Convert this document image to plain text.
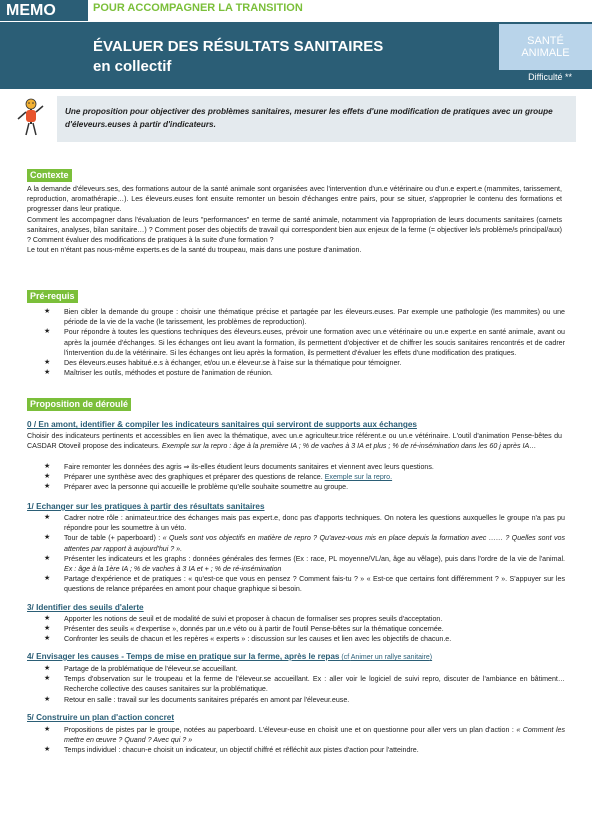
MEMO	POUR ACCOMPAGNER LA TRANSITION
ÉVALUER DES RÉSULTATS SANITAIRES
en collectif
SANTÉ
ANIMALE
Difficulté **
Une proposition pour objectiver des problèmes sanitaires, mesurer les effets d'une modification de pratiques avec un groupe d'éleveurs.euses à partir d'indicateurs.
Contexte

A la demande d'éleveurs.ses, des formations autour de la santé animale sont organisées avec l'intervention d'un.e vétérinaire ou d'un.e expert.e (mammites, tarissement, reproduction, aromathérapie…). Les éleveurs.euses font ensuite remonter un besoin d'échanges entre pairs, pour se situer, s'approprier le contenu des formations et progresser dans leur pratique.

Comment les accompagner dans l'évaluation de leurs "performances" en terme de santé animale, notamment via l'appropriation de leurs documents sanitaires (carnets sanitaires, analyses, bilan sanitaire…) ? Comment poser des objectifs de travail qui correspondent bien aux enjeux de la ferme (= objectiver le/s problème/s principal/aux) ? Comment évaluer des modifications de pratiques à la suite d'une formation ?

Le tout en n'étant pas nous-même experts.es de la santé du troupeau, mais dans une posture d'animation.

Pré-requis
★ Bien cibler la demande du groupe : choisir une thématique précise et partagée par les éleveurs.euses. Par exemple une pathologie (les mammites) ou une période de la vie de la vache (le tarissement, les problèmes de reproduction).
★ Pour répondre à toutes les questions techniques des éleveurs.euses, prévoir une formation avec un.e vétérinaire ou un.e expert.e en santé animale, avant ou après la journée d'échanges. Si les échanges ont lieu avant la formation, ils permettent d'objectiver et de chiffrer les soucis sanitaires rencontrés et de cadrer l'intervention du.de la vétérinaire. Si les échanges ont lieu après la formation, ils permettent d'évaluer les effets d'une modification des pratiques.
★ Des éleveurs.euses habitué.e.s à échanger, et/ou un.e éleveur.se à l'aise sur la thématique pour témoigner.
★ Maîtriser les outils, méthodes et posture de l'animation de réunion.
Proposition de déroulé
0 / En amont, identifier & compiler les indicateurs sanitaires qui serviront de supports aux échanges

Choisir des indicateurs pertinents et accessibles en lien avec la thématique, avec un.e agriculteur.trice référent.e ou un.e vétérinaire. L'outil d'animation Pense-bêtes du CASDAR Otoveil propose des indicateurs. Exemple sur la repro : âge à la première IA ; % de vaches à 3 IA et plus ; % de ré-insémination dans les 60 j après IA…

★ Faire remonter les données des agris ⇒ ils-elles étudient leurs documents sanitaires et viennent avec leurs questions.
★ Préparer une synthèse avec des graphiques et préparer des questions de relance. Exemple sur la repro.
★ Préparer avec la personne qui accueille le problème qu'elle souhaite soumettre au groupe.
1/ Echanger sur les pratiques à partir des résultats sanitaires
★ Cadrer notre rôle : animateur.trice des échanges mais pas expert.e, donc pas d'apports techniques. On notera les questions auxquelles le groupe n'a pas pu répondre pour les soumettre à un véto.
★ Tour de table (+ paperboard) : « Quels sont vos objectifs en matière de repro ? Qu'avez-vous mis en place depuis la formation avec …… ? Quelles sont vos attentes par rapport à aujourd'hui ? ».
★ Présenter les indicateurs et les graphs : données générales des fermes (Ex : race, PL moyenne/VL/an, âge au vêlage), puis dans l'ordre de la vie de l'animal. Ex : âge à la 1ère IA ; % de vaches à 3 IA et + ; % de ré-insémination
★ Partage d'expérience et de pratiques : « qu'est-ce que vous en pensez ? Comment fais-tu ? » « Est-ce que certains font différemment ? ». S'appuyer sur les questions de relance préparées en amont pour chaque graphique si besoin.
3/ Identifier des seuils d'alerte
★ Apporter les notions de seuil et de modalité de suivi et proposer à chacun de formaliser ses propres seuils d'acceptation.
★ Présenter des seuils « d'expertise », donnés par un.e véto ou à partir de l'outil Pense-bêtes sur la thématique concernée.
★ Confronter les seuils de chacun et les repères « experts » : discussion sur les causes et lien avec les objectifs de chacun.e.
4/ Envisager les causes - Temps de mise en pratique sur la ferme, après le repas (cf Animer un rallye sanitaire)
★ Partage de la problématique de l'éleveur.se accueillant.
★ Temps d'observation sur le troupeau et la ferme de l'éleveur.se accueillant. Ex : aller voir le logiciel de suivi repro, discuter de l'ambiance en bâtiment… Recherche collective des causes sanitaires sur la problématique.
★ Retour en salle : travail sur les documents sanitaires préparés en amont par l'éleveur.euse.
5/ Construire un plan d'action concret
★ Propositions de pistes par le groupe, notées au paperboard. L'éleveur-euse en choisit une et on questionne pour aller vers un plan d'action : « Comment les mettre en œuvre ? Quand ? Avec qui ? »
★ Temps individuel : chacun-e choisit un indicateur, un objectif chiffré et réfléchit aux pistes d'action pour l'atteindre.
